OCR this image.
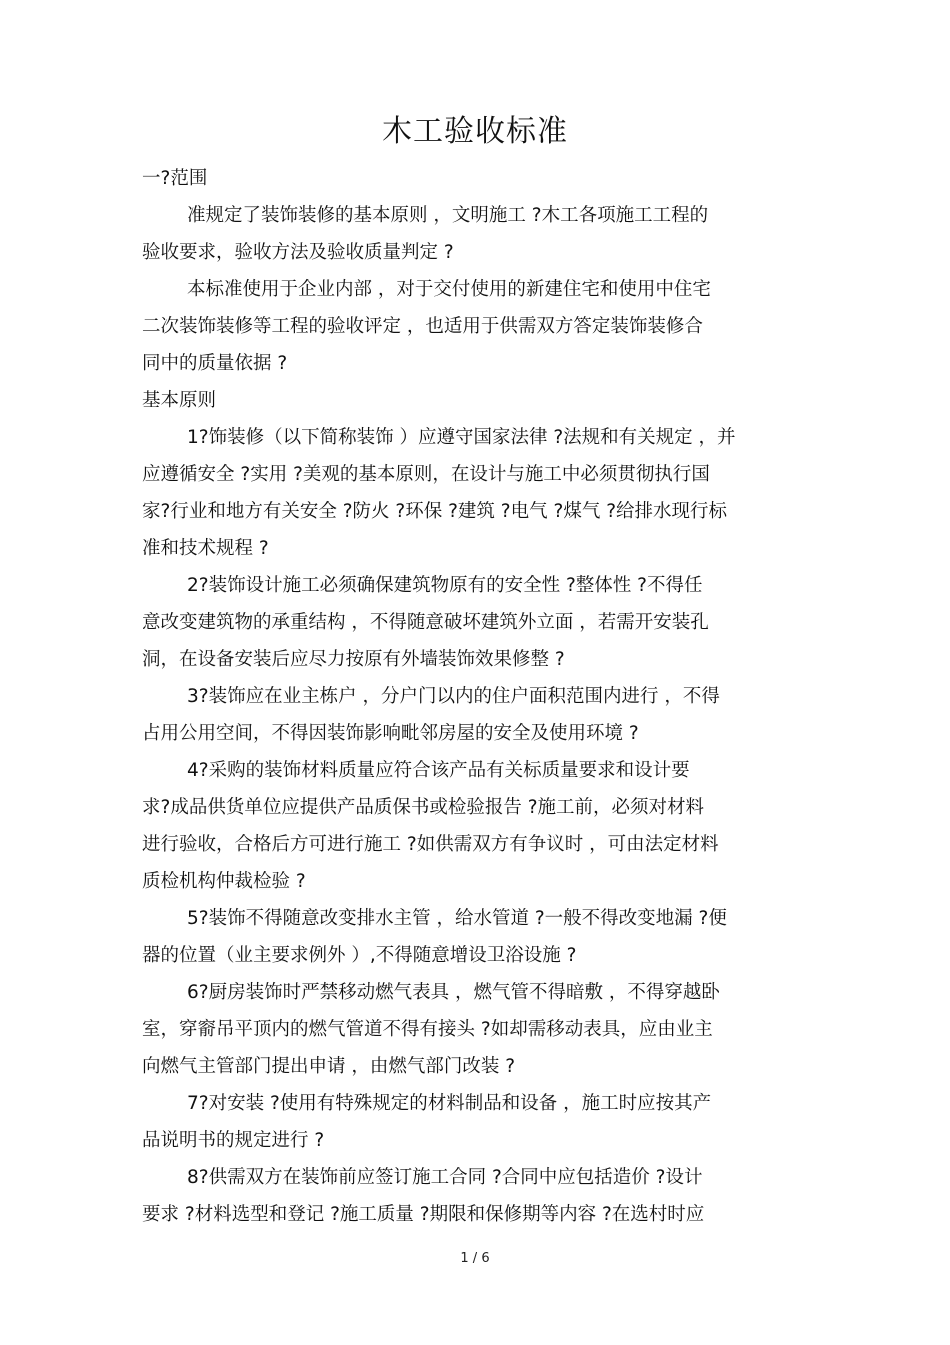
木工验收标准
一?范围
准规定了装饰装修的基本原则 ，文明施工 ?木工各项施工工程的
验收要求，验收方法及验收质量判定 ?
本标准使用于企业内部 ，对于交付使用的新建住宅和使用中住宅
二次装饰装修等工程的验收评定 ，也适用于供需双方答定装饰装修合
同中的质量依据 ?
基本原则
1?饰装修（以下简称装饰 ）应遵守国家法律 ?法规和有关规定 ，并
应遵循安全 ?实用 ?美观的基本原则，在设计与施工中必须贯彻执行国
家?行业和地方有关安全 ?防火 ?环保 ?建筑 ?电气 ?煤气 ?给排水现行标
准和技术规程 ?
2?装饰设计施工必须确保建筑物原有的安全性 ?整体性 ?不得任
意改变建筑物的承重结构 ，不得随意破坏建筑外立面 ，若需开安装孔
洞，在设备安装后应尽力按原有外墙装饰效果修整 ?
3?装饰应在业主栋户 ，分户门以内的住户面积范围内进行 ，不得
占用公用空间，不得因装饰影响毗邻房屋的安全及使用环境 ?
4?采购的装饰材料质量应符合该产品有关标质量要求和设计要
求?成品供货单位应提供产品质保书或检验报告 ?施工前，必须对材料
进行验收，合格后方可进行施工 ?如供需双方有争议时 ，可由法定材料
质检机构仲裁检验 ?
5?装饰不得随意改变排水主管 ，给水管道 ?一般不得改变地漏 ?便
器的位置（业主要求例外 ）,不得随意增设卫浴设施 ?
6?厨房装饰时严禁移动燃气表具 ，燃气管不得暗敷 ，不得穿越卧
室，穿窬吊平顶内的燃气管道不得有接头 ?如却需移动表具，应由业主
向燃气主管部门提出申请 ，由燃气部门改装 ?
7?对安装 ?使用有特殊规定的材料制品和设备 ，施工时应按其产
品说明书的规定进行 ?
8?供需双方在装饰前应签订施工合同 ?合同中应包括造价 ?设计
要求 ?材料选型和登记 ?施工质量 ?期限和保修期等内容 ?在选村时应
1 / 6
